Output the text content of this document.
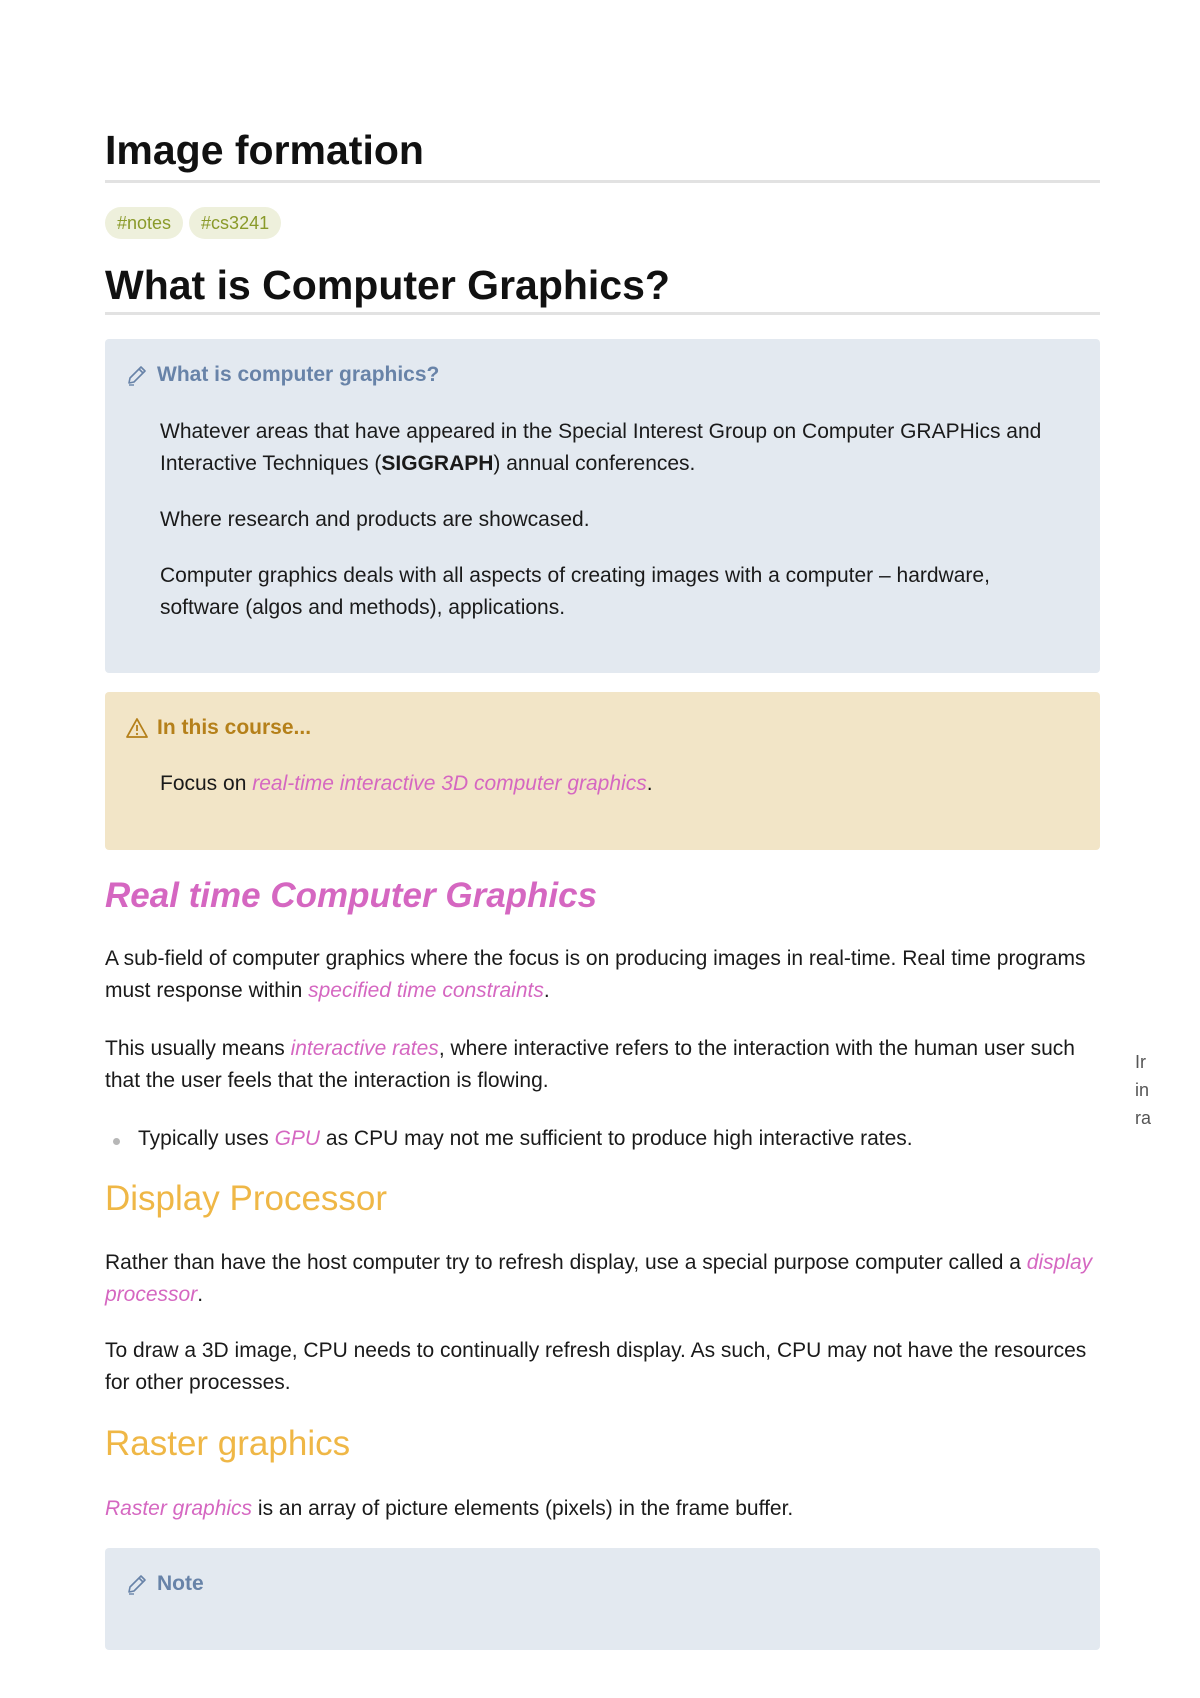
Image formation
#notes	#cs3241
What is Computer Graphics?
What is computer graphics?

Whatever areas that have appeared in the Special Interest Group on Computer GRAPHics and Interactive Techniques (SIGGRAPH) annual conferences.

Where research and products are showcased.

Computer graphics deals with all aspects of creating images with a computer – hardware, software (algos and methods), applications.

In this course...

Focus on real-time interactive 3D computer graphics.

Real time Computer Graphics

A sub-field of computer graphics where the focus is on producing images in real-time. Real time programs must response within specified time constraints.

This usually means interactive rates, where interactive refers to the interaction with the human user such that the user feels that the interaction is flowing.

Typically uses GPU as CPU may not me sufficient to produce high interactive rates.

Display Processor

Rather than have the host computer try to refresh display, use a special purpose computer called a display processor.

To draw a 3D image, CPU needs to continually refresh display. As such, CPU may not have the resources for other processes.

Raster graphics

Raster graphics is an array of picture elements (pixels) in the frame buffer.

Note
Ir
in
ra
